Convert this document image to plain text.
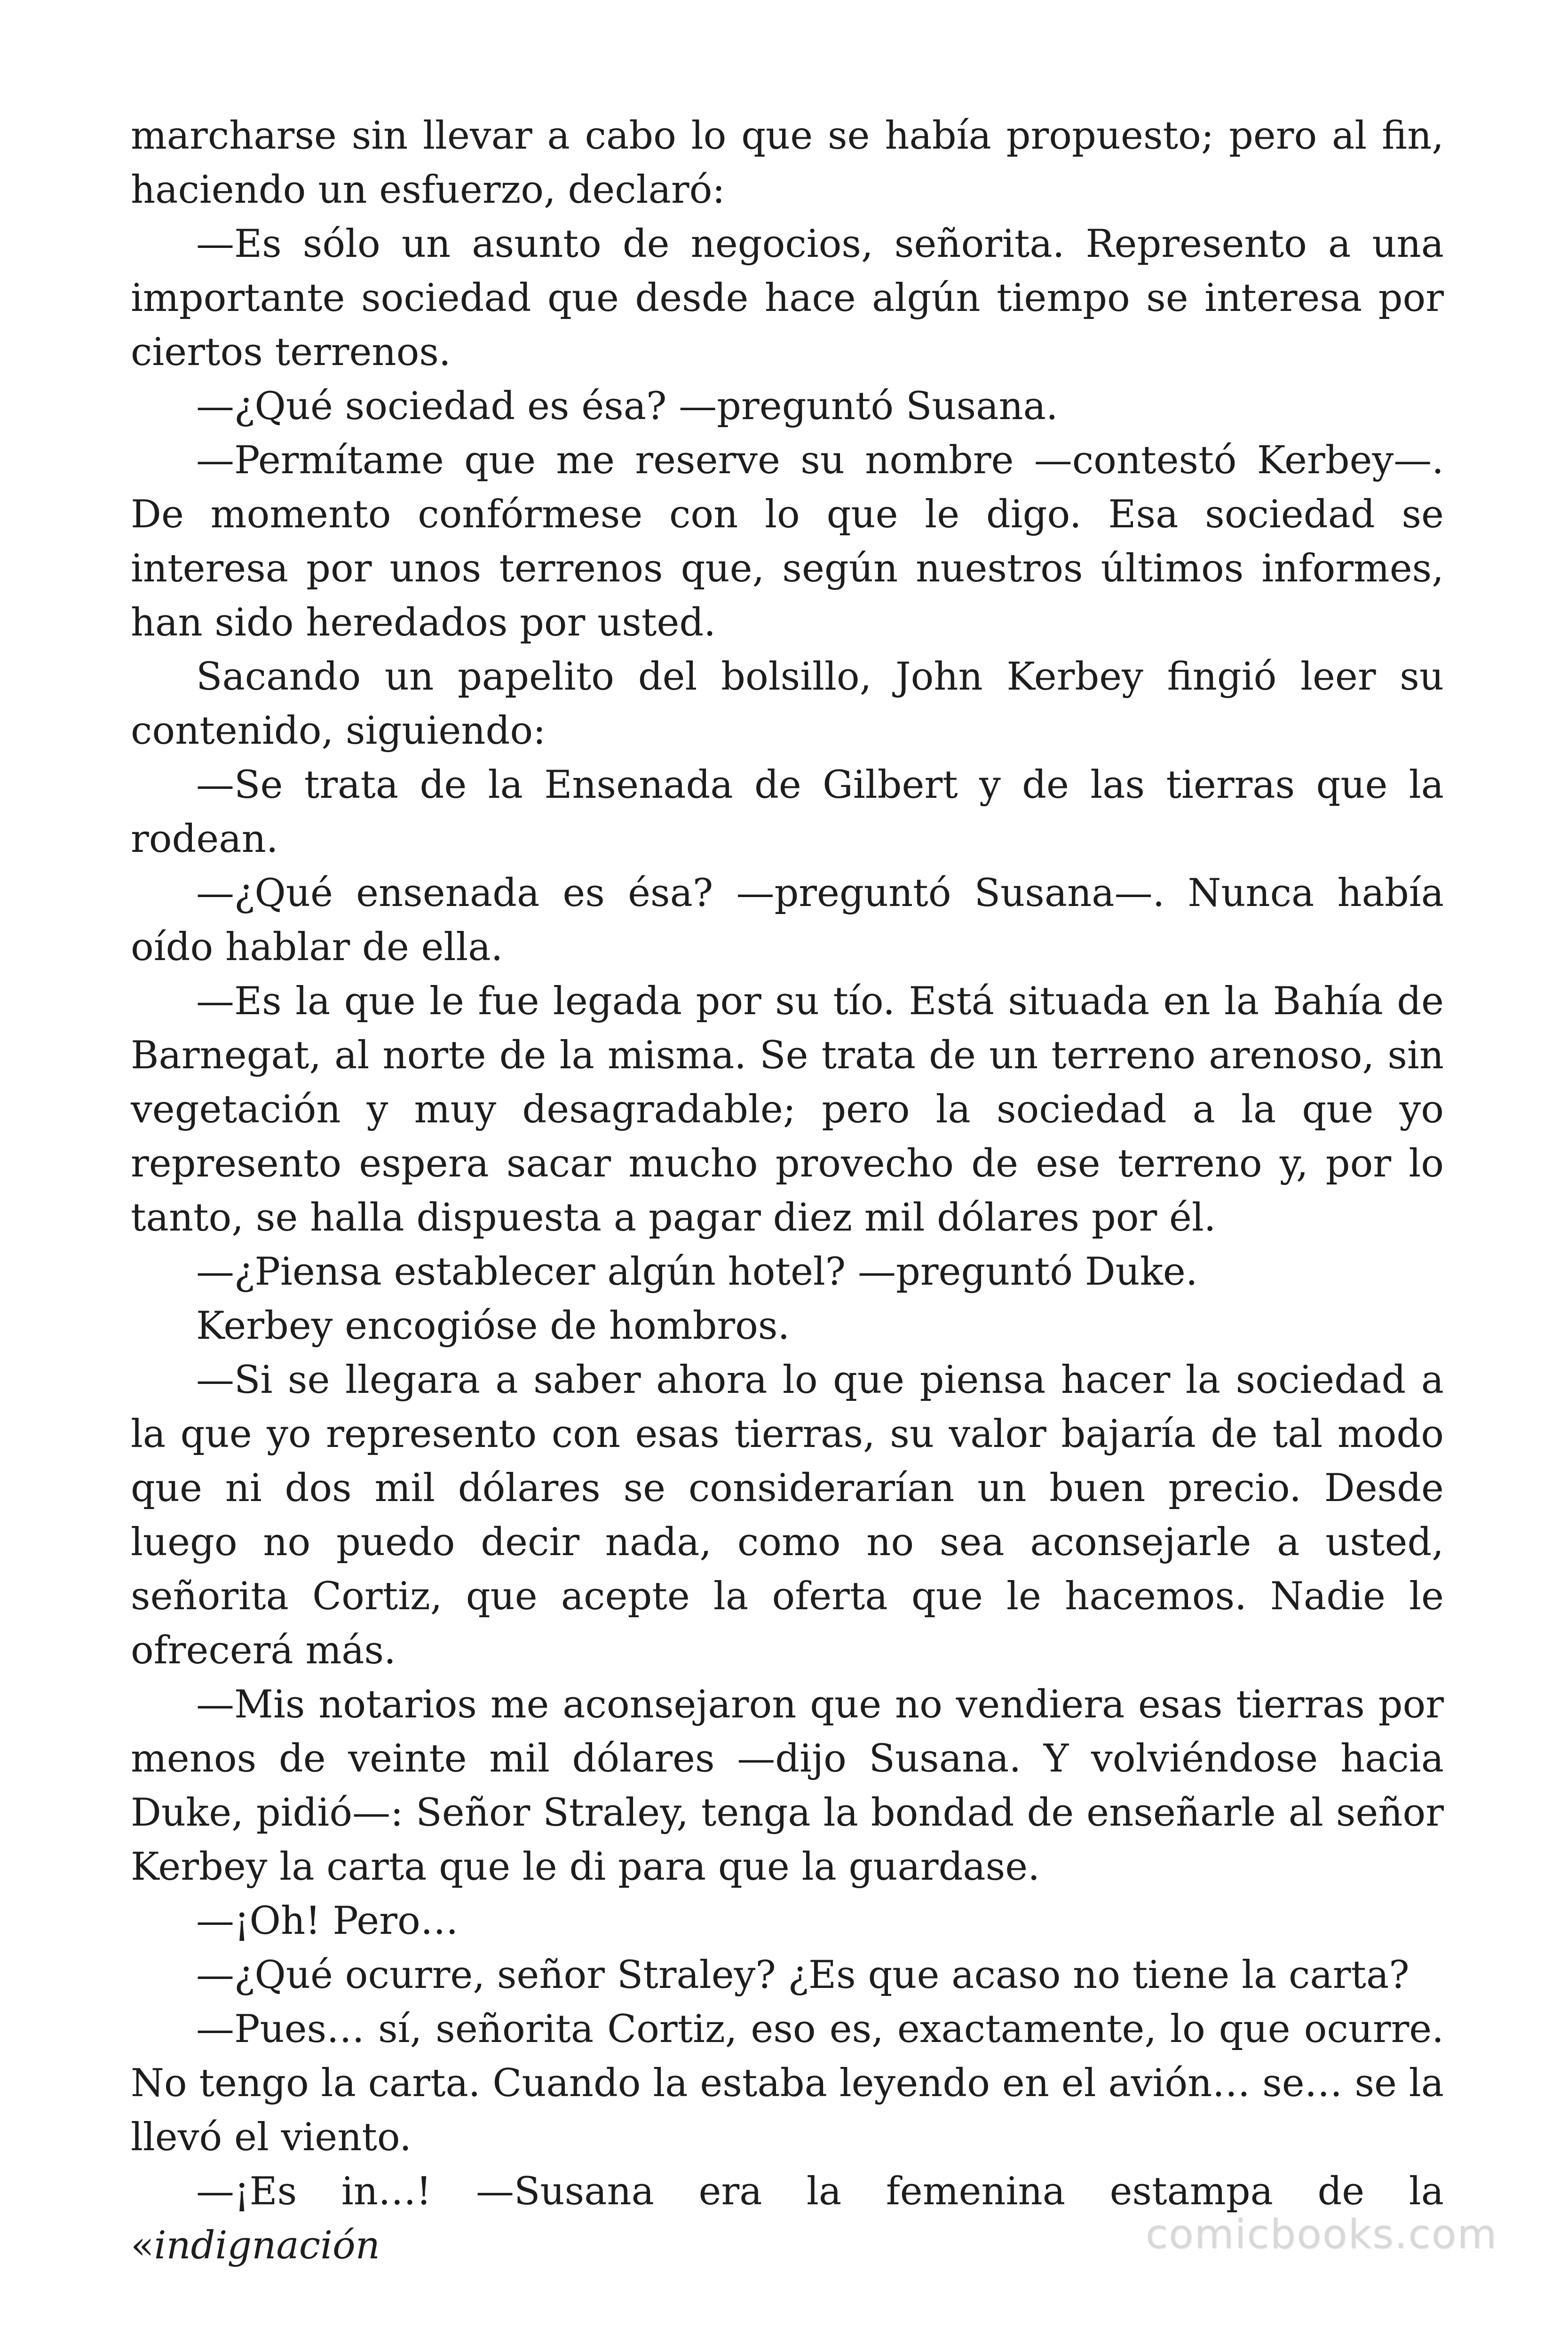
marcharse sin llevar a cabo lo que se había propuesto; pero al fin, haciendo un esfuerzo, declaró:

—Es sólo un asunto de negocios, señorita. Represento a una importante sociedad que desde hace algún tiempo se interesa por ciertos terrenos.

—¿Qué sociedad es ésa? —preguntó Susana.

—Permítame que me reserve su nombre —contestó Kerbey—. De momento confórmese con lo que le digo. Esa sociedad se interesa por unos terrenos que, según nuestros últimos informes, han sido heredados por usted.

Sacando un papelito del bolsillo, John Kerbey fingió leer su contenido, siguiendo:

—Se trata de la Ensenada de Gilbert y de las tierras que la rodean.

—¿Qué ensenada es ésa? —preguntó Susana—. Nunca había oído hablar de ella.

—Es la que le fue legada por su tío. Está situada en la Bahía de Barnegat, al norte de la misma. Se trata de un terreno arenoso, sin vegetación y muy desagradable; pero la sociedad a la que yo represento espera sacar mucho provecho de ese terreno y, por lo tanto, se halla dispuesta a pagar diez mil dólares por él.

—¿Piensa establecer algún hotel? —preguntó Duke.

Kerbey encogióse de hombros.

—Si se llegara a saber ahora lo que piensa hacer la sociedad a la que yo represento con esas tierras, su valor bajaría de tal modo que ni dos mil dólares se considerarían un buen precio. Desde luego no puedo decir nada, como no sea aconsejarle a usted, señorita Cortiz, que acepte la oferta que le hacemos. Nadie le ofrecerá más.

—Mis notarios me aconsejaron que no vendiera esas tierras por menos de veinte mil dólares —dijo Susana. Y volviéndose hacia Duke, pidió—: Señor Straley, tenga la bondad de enseñarle al señor Kerbey la carta que le di para que la guardase.

—¡Oh! Pero…

—¿Qué ocurre, señor Straley? ¿Es que acaso no tiene la carta?

—Pues… sí, señorita Cortiz, eso es, exactamente, lo que ocurre. No tengo la carta. Cuando la estaba leyendo en el avión… se… se la llevó el viento.

—¡Es in…! —Susana era la femenina estampa de la «indignación	comicbooks.com
